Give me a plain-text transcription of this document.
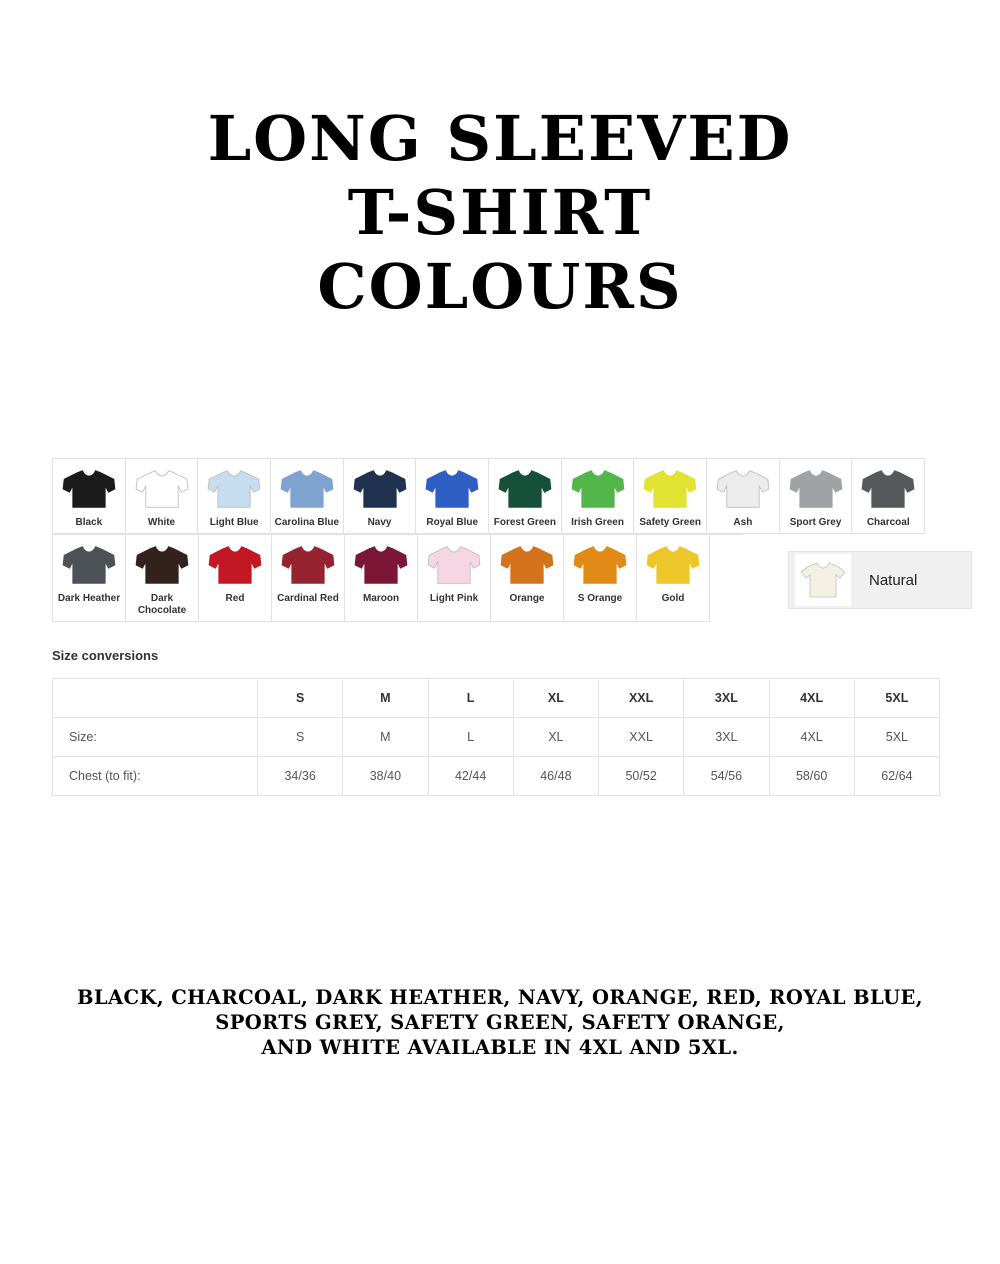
LONG SLEEVED
T-SHIRT
COLOURS
Black	White	Light Blue	Carolina Blue	Navy	Royal Blue	Forest Green	Irish Green	Safety Green	Ash	Sport Grey	Charcoal
Dark Heather	Dark Chocolate
Red	Cardinal Red	Maroon	Light Pink	Orange	S Orange	Gold
Natural
Size conversions
	S	M	L	XL	XXL	3XL	4XL	5XL
Size:	S	M	L	XL	XXL	3XL	4XL	5XL
Chest (to fit):	34/36	38/40	42/44	46/48	50/52	54/56	58/60	62/64
BLACK, CHARCOAL, DARK HEATHER, NAVY, ORANGE, RED, ROYAL BLUE,
SPORTS GREY, SAFETY GREEN, SAFETY ORANGE,
AND WHITE AVAILABLE IN 4XL AND 5XL.
